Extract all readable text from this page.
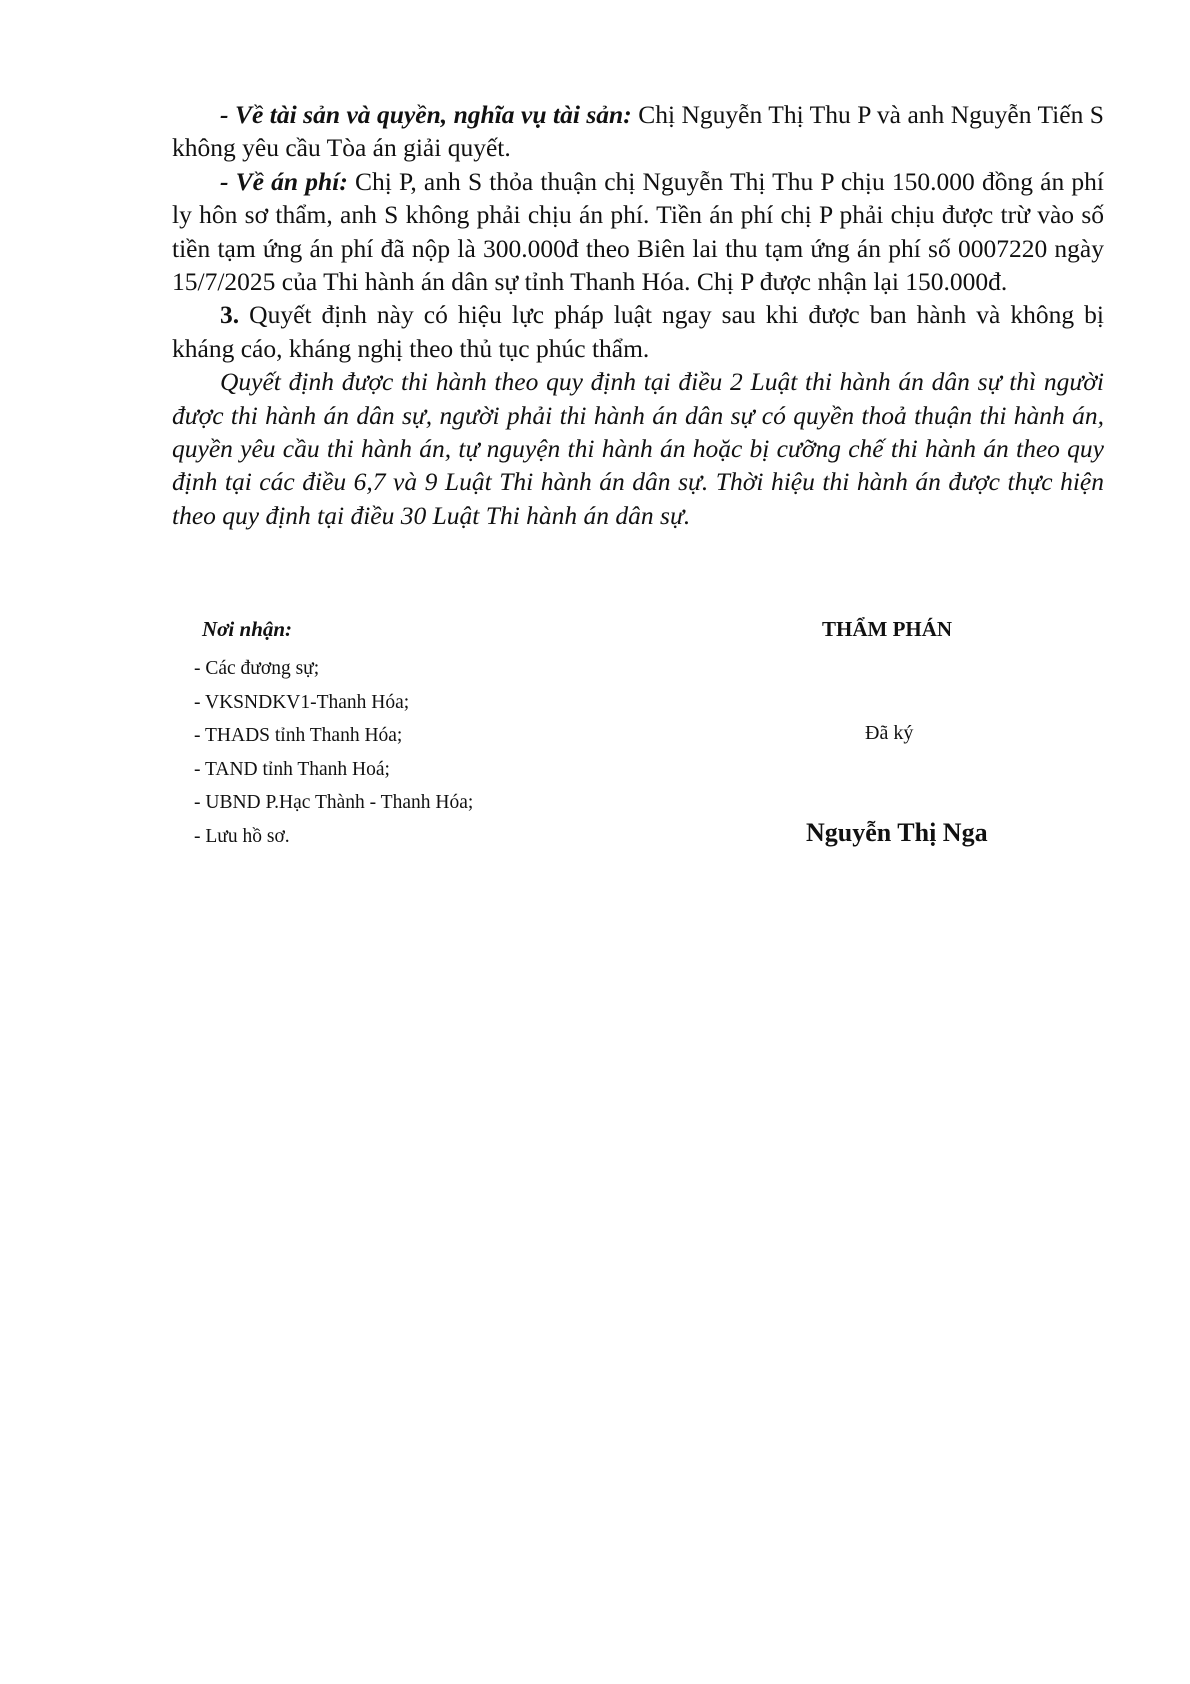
- Về tài sản và quyền, nghĩa vụ tài sản: Chị Nguyễn Thị Thu P và anh Nguyễn Tiến S không yêu cầu Tòa án giải quyết.

- Về án phí: Chị P, anh S thỏa thuận chị Nguyễn Thị Thu P chịu 150.000 đồng án phí ly hôn sơ thẩm, anh S không phải chịu án phí. Tiền án phí chị P phải chịu được trừ vào số tiền tạm ứng án phí đã nộp là 300.000đ theo Biên lai thu tạm ứng án phí số 0007220 ngày 15/7/2025 của Thi hành án dân sự tỉnh Thanh Hóa. Chị P được nhận lại 150.000đ.

3. Quyết định này có hiệu lực pháp luật ngay sau khi được ban hành và không bị kháng cáo, kháng nghị theo thủ tục phúc thẩm.

Quyết định được thi hành theo quy định tại điều 2 Luật thi hành án dân sự thì người được thi hành án dân sự, người phải thi hành án dân sự có quyền thoả thuận thi hành án, quyền yêu cầu thi hành án, tự nguyện thi hành án hoặc bị cưỡng chế thi hành án theo quy định tại các điều 6,7 và 9 Luật Thi hành án dân sự. Thời hiệu thi hành án được thực hiện theo quy định tại điều 30 Luật Thi hành án dân sự.

Nơi nhận:
- Các đương sự;
- VKSNDKV1-Thanh Hóa;
- THADS tỉnh Thanh Hóa;
- TAND tỉnh Thanh Hoá;
- UBND P.Hạc Thành - Thanh Hóa;
- Lưu hồ sơ.
THẨM PHÁN
Đã ký
Nguyễn Thị Nga
